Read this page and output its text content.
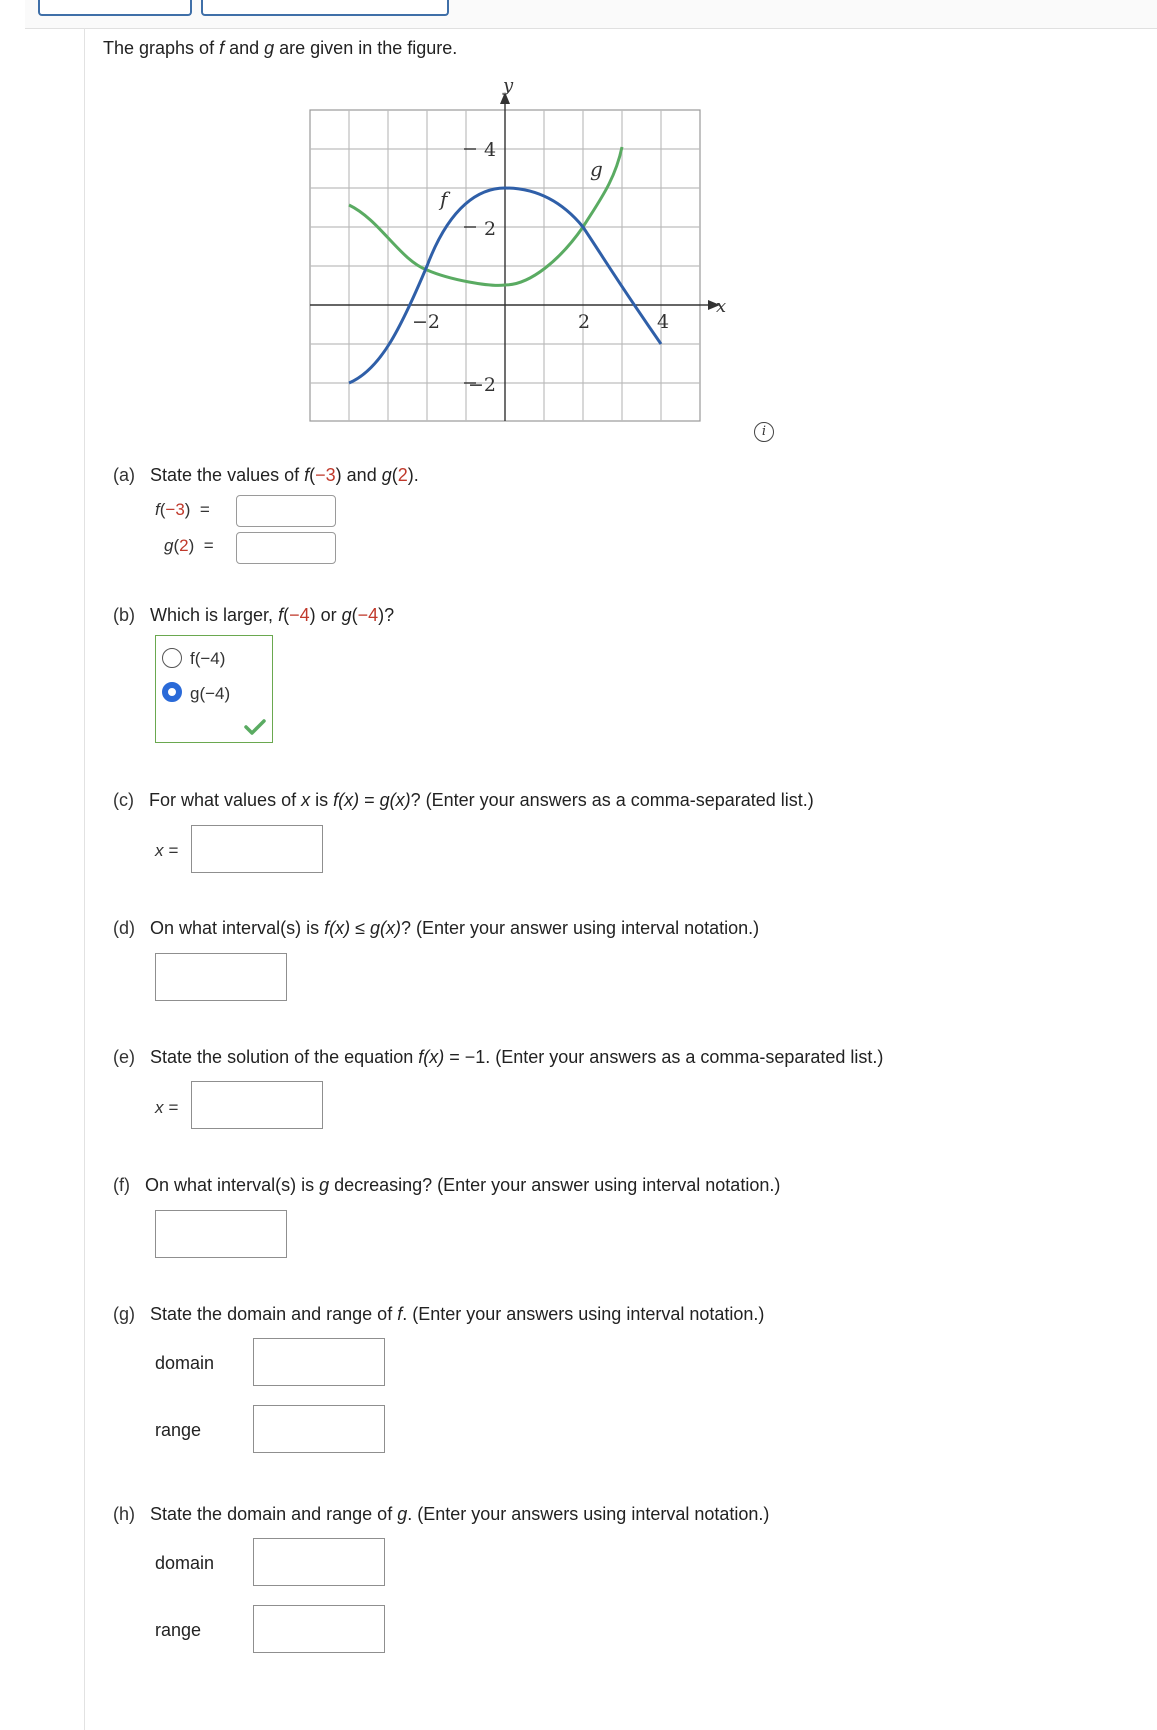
The graphs of f and g are given in the figure.
y
x
f
g
4
2
−2
−2	2	4
i
(a) State the values of f(−3) and g(2).
f(−3) =
g(2) =
(b) Which is larger, f(−4) or g(−4)?
f(−4)
g(−4)
(c) For what values of x is f(x) = g(x)? (Enter your answers as a comma-separated list.)
x =
(d) On what interval(s) is f(x) ≤ g(x)? (Enter your answer using interval notation.)
(e) State the solution of the equation f(x) = −1. (Enter your answers as a comma-separated list.)
x =
(f) On what interval(s) is g decreasing? (Enter your answer using interval notation.)
(g) State the domain and range of f. (Enter your answers using interval notation.)
domain
range
(h) State the domain and range of g. (Enter your answers using interval notation.)
domain
range
